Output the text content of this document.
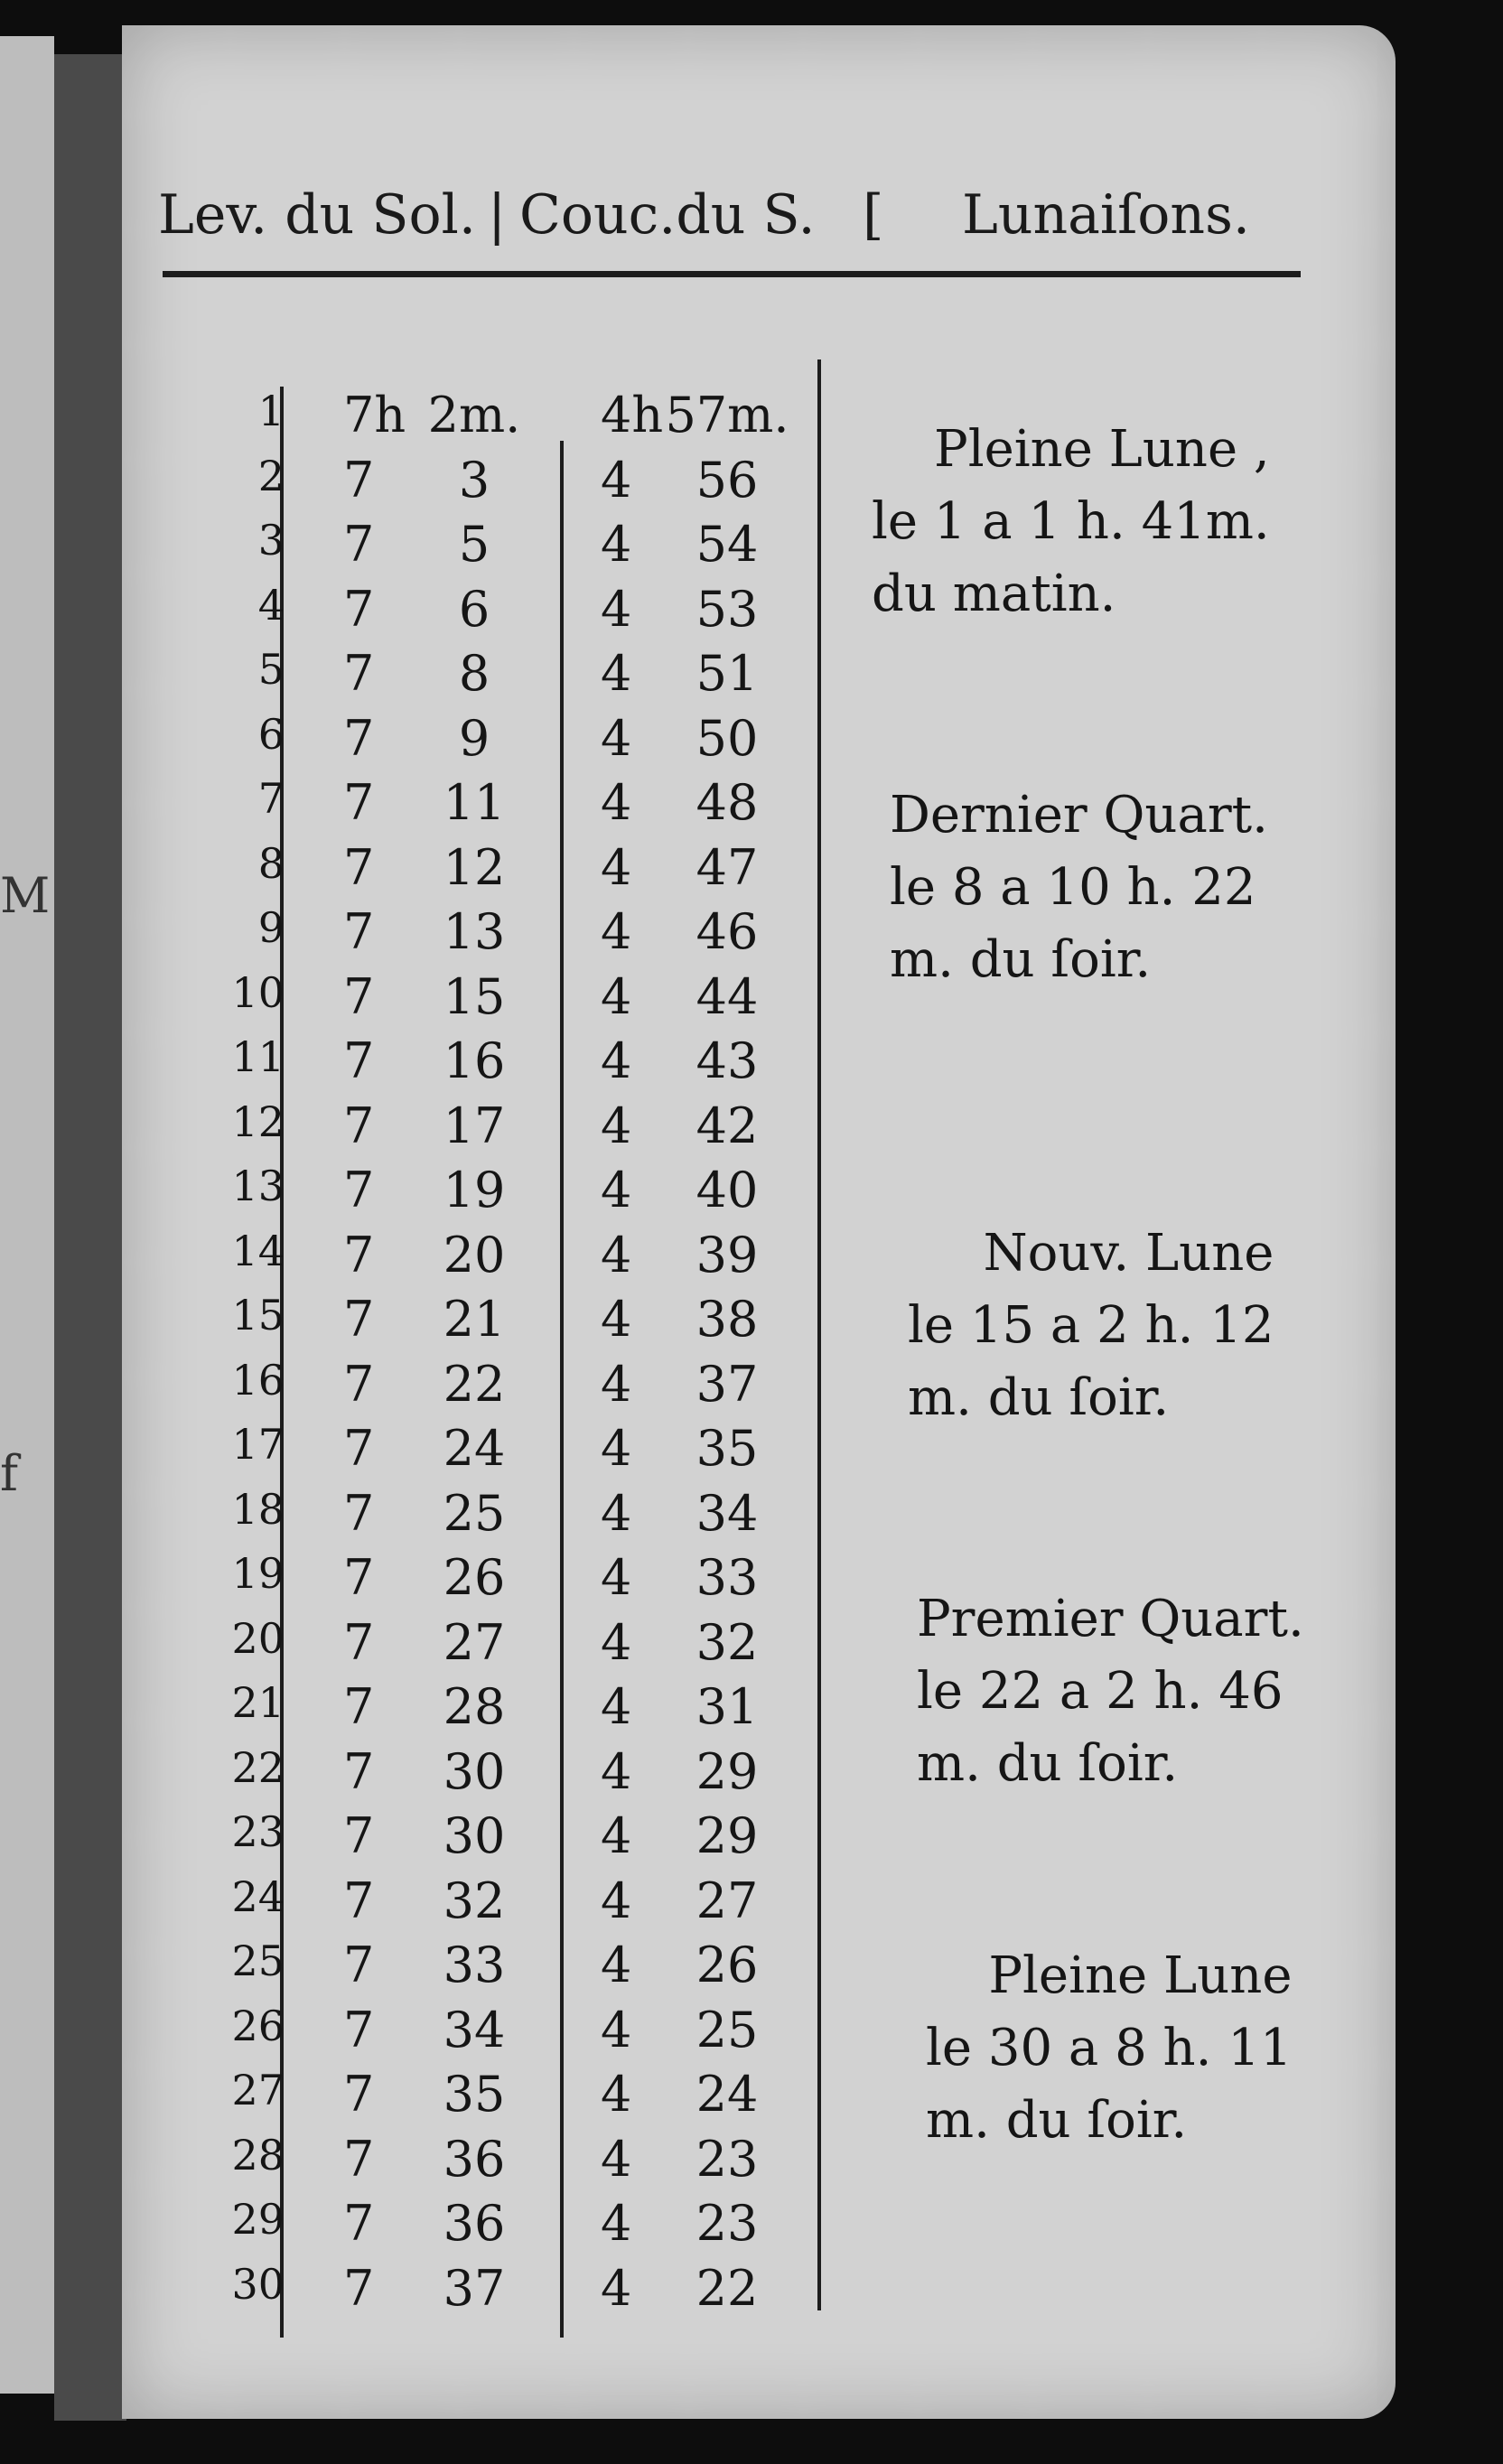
M
f
Lev. du Sol. | Couc.du S. [ Lunaiſons.
1 7h 2m.	4h 57m.
2 7	3	4	56
3 7	5	4	54
4 7	6	4	53
5 7	8	4	51
6 7	9	4	50
7 7	11	4	48
8 7	12	4	47
9 7	13	4	46
10 7	15	4	44
11 7	16	4	43
12 7	17	4	42
13 7	19	4	40
14 7	20	4	39
15 7	21	4	38
16 7	22	4	37
17 7	24	4	35
18 7	25	4	34
19 7	26	4	33
20 7	27	4	32
21 7	28	4	31
22 7	30	4	29
23 7	30	4	29
24 7	32	4	27
25 7	33	4	26
26 7	34	4	25
27 7	35	4	24
28 7	36	4	23
29 7	36	4	23
30 7	37	4	22
Pleine Lune ,
le 1 a 1 h. 41m.
du matin.
Dernier Quart.
le 8 a 10 h. 22
m. du ſoir.
Nouv. Lune
le 15 a 2 h. 12
m. du ſoir.
Premier Quart.
le 22 a 2 h. 46
m. du ſoir.
Pleine Lune
le 30 a 8 h. 11
m. du ſoir.
